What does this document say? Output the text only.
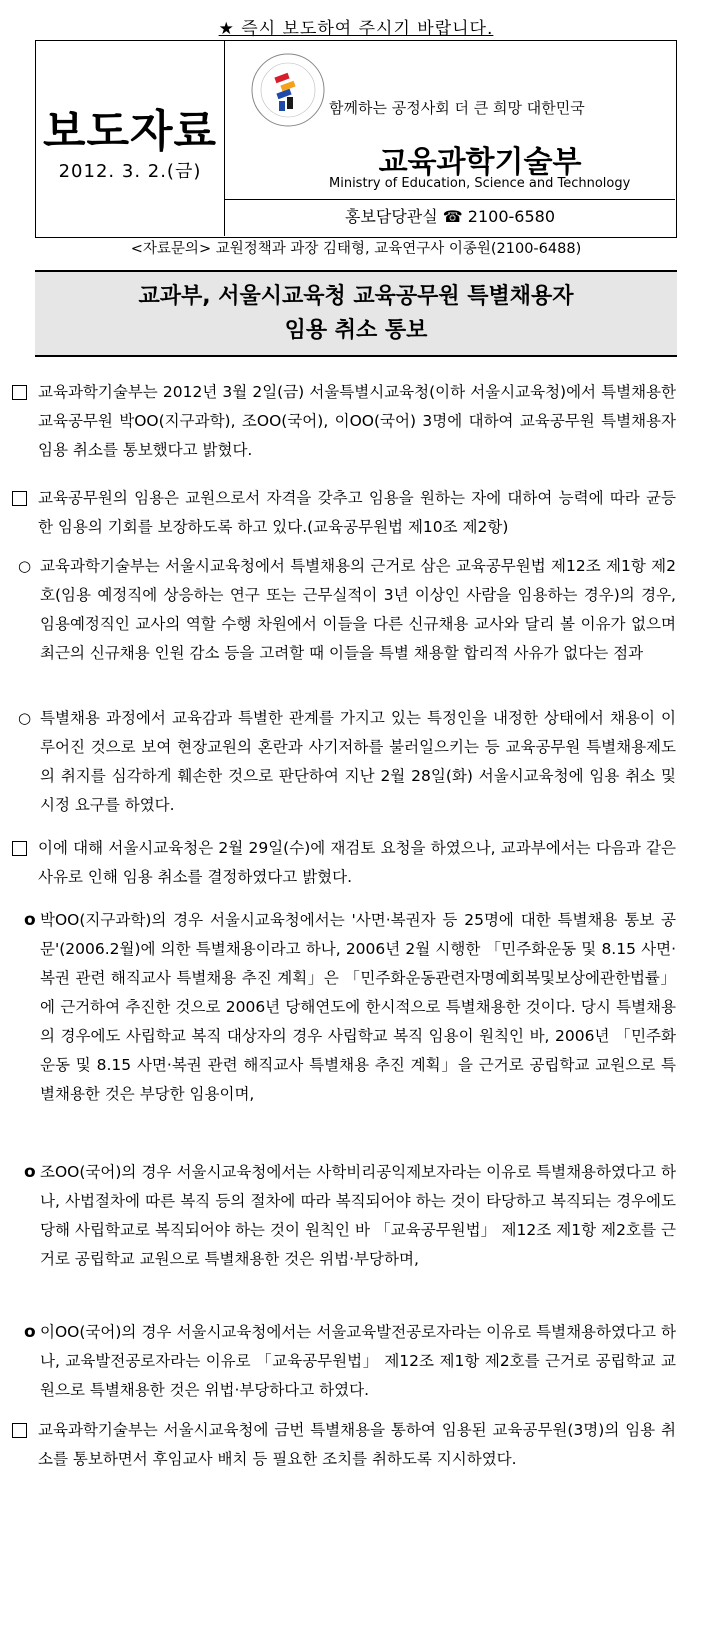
★ 즉시 보도하여 주시기 바랍니다.
보도자료
2012. 3. 2.(금)
함께하는 공정사회 더 큰 희망 대한민국
교육과학기술부
Ministry of Education, Science and Technology
홍보담당관실 ☎ 2100-6580
<자료문의> 교원정책과 과장 김태형, 교육연구사 이종원(2100-6488)
교과부, 서울시교육청 교육공무원 특별채용자
임용 취소 통보
교육과학기술부는 2012년 3월 2일(금) 서울특별시교육청(이하 서울시교육청)에서 특별채용한 교육공무원 박OO(지구과학), 조OO(국어), 이OO(국어) 3명에 대하여 교육공무원 특별채용자 임용 취소를 통보했다고 밝혔다.
교육공무원의 임용은 교원으로서 자격을 갖추고 임용을 원하는 자에 대하여 능력에 따라 균등한 임용의 기회를 보장하도록 하고 있다.(교육공무원법 제10조 제2항)
○ 교육과학기술부는 서울시교육청에서 특별채용의 근거로 삼은 교육공무원법 제12조 제1항 제2호(임용 예정직에 상응하는 연구 또는 근무실적이 3년 이상인 사람을 임용하는 경우)의 경우, 임용예정직인 교사의 역할 수행 차원에서 이들을 다른 신규채용 교사와 달리 볼 이유가 없으며 최근의 신규채용 인원 감소 등을 고려할 때 이들을 특별 채용할 합리적 사유가 없다는 점과
○ 특별채용 과정에서 교육감과 특별한 관계를 가지고 있는 특정인을 내정한 상태에서 채용이 이루어진 것으로 보여 현장교원의 혼란과 사기저하를 불러일으키는 등 교육공무원 특별채용제도의 취지를 심각하게 훼손한 것으로 판단하여 지난 2월 28일(화) 서울시교육청에 임용 취소 및 시정 요구를 하였다.
이에 대해 서울시교육청은 2월 29일(수)에 재검토 요청을 하였으나, 교과부에서는 다음과 같은 사유로 인해 임용 취소를 결정하였다고 밝혔다.
o 박OO(지구과학)의 경우 서울시교육청에서는 '사면·복권자 등 25명에 대한 특별채용 통보 공문'(2006.2월)에 의한 특별채용이라고 하나, 2006년 2월 시행한 「민주화운동 및 8.15 사면·복권 관련 해직교사 특별채용 추진 계획」은 「민주화운동관련자명예회복및보상에관한법률」에 근거하여 추진한 것으로 2006년 당해연도에 한시적으로 특별채용한 것이다. 당시 특별채용의 경우에도 사립학교 복직 대상자의 경우 사립학교 복직 임용이 원칙인 바, 2006년 「민주화운동 및 8.15 사면·복권 관련 해직교사 특별채용 추진 계획」을 근거로 공립학교 교원으로 특별채용한 것은 부당한 임용이며,
o 조OO(국어)의 경우 서울시교육청에서는 사학비리공익제보자라는 이유로 특별채용하였다고 하나, 사법절차에 따른 복직 등의 절차에 따라 복직되어야 하는 것이 타당하고 복직되는 경우에도 당해 사립학교로 복직되어야 하는 것이 원칙인 바 「교육공무원법」 제12조 제1항 제2호를 근거로 공립학교 교원으로 특별채용한 것은 위법·부당하며,
o 이OO(국어)의 경우 서울시교육청에서는 서울교육발전공로자라는 이유로 특별채용하였다고 하나, 교육발전공로자라는 이유로 「교육공무원법」 제12조 제1항 제2호를 근거로 공립학교 교원으로 특별채용한 것은 위법·부당하다고 하였다.
교육과학기술부는 서울시교육청에 금번 특별채용을 통하여 임용된 교육공무원(3명)의 임용 취소를 통보하면서 후임교사 배치 등 필요한 조치를 취하도록 지시하였다.
